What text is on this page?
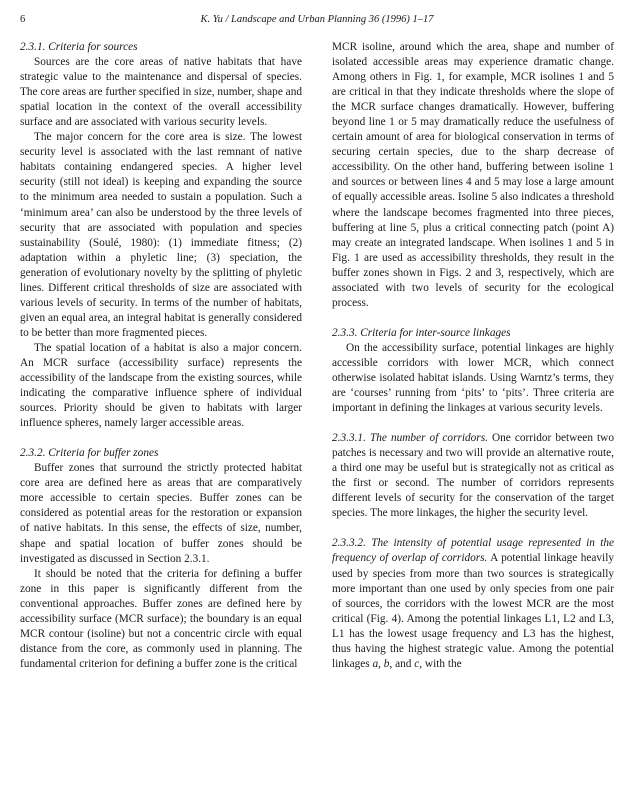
6	K. Yu / Landscape and Urban Planning 36 (1996) 1–17
2.3.1. Criteria for sources

Sources are the core areas of native habitats that have strategic value to the maintenance and dispersal of species. The core areas are further specified in size, number, shape and spatial location in the context of the overall accessibility surface and are associated with various security levels.

The major concern for the core area is size. The lowest security level is associated with the last remnant of native habitats containing endangered species. A higher level security (still not ideal) is keeping and expanding the source to the minimum area needed to sustain a population. Such a ‘minimum area’ can also be understood by the three levels of security that are associated with population and species sustainability (Soulé, 1980): (1) immediate fitness; (2) adaptation within a phyletic line; (3) speciation, the generation of evolutionary novelty by the splitting of phyletic lines. Different critical thresholds of size are associated with various levels of security. In terms of the number of habitats, given an equal area, an integral habitat is generally considered to be better than more fragmented pieces.

The spatial location of a habitat is also a major concern. An MCR surface (accessibility surface) represents the accessibility of the landscape from the existing sources, while indicating the comparative influence sphere of individual sources. Priority should be given to habitats with larger influence spheres, namely larger accessible areas.

2.3.2. Criteria for buffer zones

Buffer zones that surround the strictly protected habitat core area are defined here as areas that are comparatively more accessible to certain species. Buffer zones can be considered as potential areas for the restoration or expansion of native habitats. In this sense, the effects of size, number, shape and spatial location of buffer zones should be investigated as discussed in Section 2.3.1.

It should be noted that the criteria for defining a buffer zone in this paper is significantly different from the conventional approaches. Buffer zones are defined here by accessibility surface (MCR surface); the boundary is an equal MCR contour (isoline) but not a concentric circle with equal distance from the core, as commonly used in planning. The fundamental criterion for defining a buffer zone is the critical

MCR isoline, around which the area, shape and number of isolated accessible areas may experience dramatic change. Among others in Fig. 1, for example, MCR isolines 1 and 5 are critical in that they indicate thresholds where the slope of the MCR surface changes dramatically. However, buffering beyond line 1 or 5 may dramatically reduce the usefulness of certain amount of area for biological conservation in terms of securing certain species, due to the sharp decrease of accessibility. On the other hand, buffering between isoline 1 and sources or between lines 4 and 5 may lose a large amount of equally accessible areas. Isoline 5 also indicates a threshold where the landscape becomes fragmented into three pieces, buffering at line 5, plus a critical connecting patch (point A) may create an integrated landscape. When isolines 1 and 5 in Fig. 1 are used as accessibility thresholds, they result in the buffer zones shown in Figs. 2 and 3, respectively, which are associated with two levels of security for the ecological process.

2.3.3. Criteria for inter-source linkages

On the accessibility surface, potential linkages are highly accessible corridors with lower MCR, which connect otherwise isolated habitat islands. Using Warntz’s terms, they are ‘courses’ running from ‘pits’ to ‘pits’. Three criteria are important in defining the linkages at various security levels.

2.3.3.1. The number of corridors. One corridor between two patches is necessary and two will provide an alternative route, a third one may be useful but is strategically not as critical as the first or second. The number of corridors represents different levels of security for the conservation of the target species. The more linkages, the higher the security level.

2.3.3.2. The intensity of potential usage represented in the frequency of overlap of corridors. A potential linkage heavily used by species from more than two sources is strategically more important than one used by only species from one pair of sources, the corridors with the lowest MCR are the most critical (Fig. 4). Among the potential linkages L1, L2 and L3, L1 has the lowest usage frequency and L3 has the highest, thus having the highest strategic value. Among the potential linkages a, b, and c, with the
